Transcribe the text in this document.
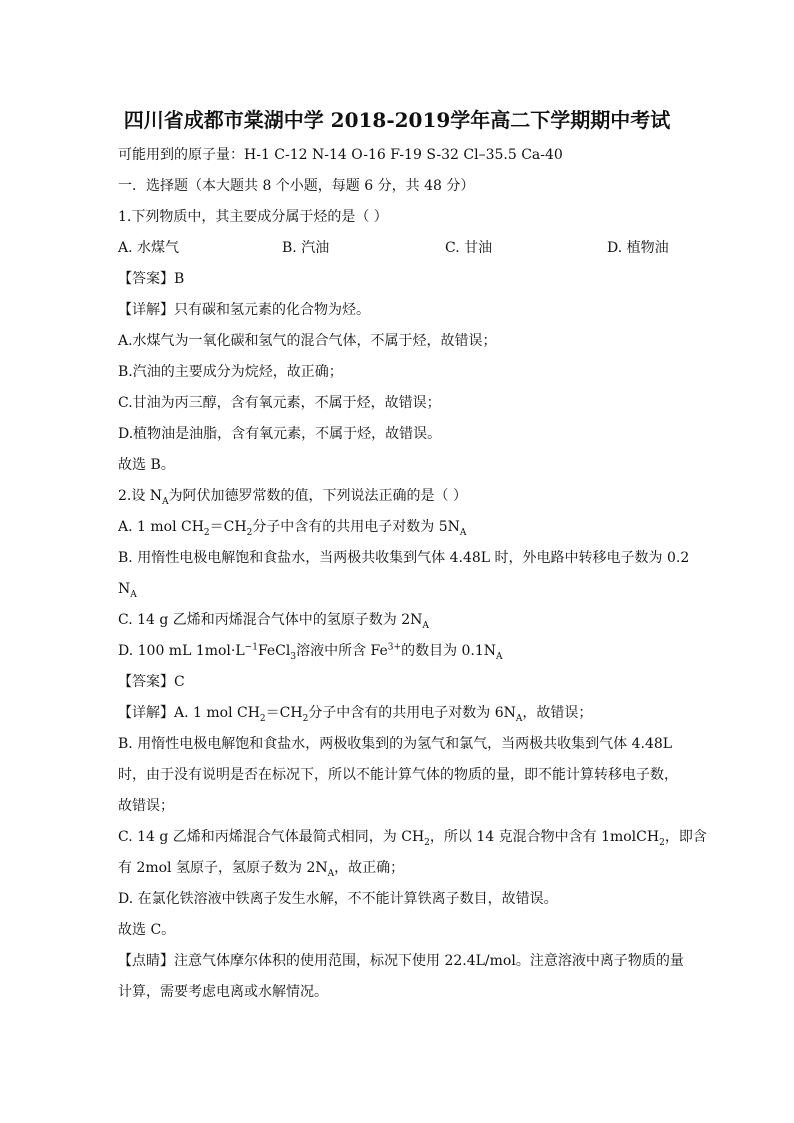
四川省成都市棠湖中学 2018-2019学年高二下学期期中考试
可能用到的原子量：H-1 C-12 N-14 O-16 F-19 S-32 Cl–35.5 Ca-40
一．选择题（本大题共 8 个小题，每题 6 分，共 48 分）
1.下列物质中，其主要成分属于烃的是（ ）
A. 水煤气	B. 汽油	C. 甘油	D. 植物油
【答案】B
【详解】只有碳和氢元素的化合物为烃。
A.水煤气为一氧化碳和氢气的混合气体，不属于烃，故错误；
B.汽油的主要成分为烷烃，故正确；
C.甘油为丙三醇，含有氧元素，不属于烃，故错误；
D.植物油是油脂，含有氧元素，不属于烃，故错误。
故选 B。
2.设 $N_A$为阿伏加德罗常数的值，下列说法正确的是（ ）
A. 1 mol $CH_2=CH_2$分子中含有的共用电子对数为 $5N_A$
B. 用惰性电极电解饱和食盐水，当两极共收集到气体 4.48L 时，外电路中转移电子数为 0.2
$N_A$
C. 14 g 乙烯和丙烯混合气体中的氢原子数为 $2N_A$
D. 100 mL $1mol\cdot L^{-1}FeCl_3$溶液中所含 $Fe^{3+}$的数目为 $0.1N_A$
【答案】C
【详解】A. 1 mol $CH_2=CH_2$分子中含有的共用电子对数为 $6N_A$，故错误；
B. 用惰性电极电解饱和食盐水，两极收集到的为氢气和氯气，当两极共收集到气体 4.48L
时，由于没有说明是否在标况下，所以不能计算气体的物质的量，即不能计算转移电子数，
故错误；
C. 14 g 乙烯和丙烯混合气体最简式相同，为 $CH_2$，所以 14 克混合物中含有 1molCH$_2$，即含
有 2mol 氢原子，氢原子数为 $2N_A$，故正确；
D. 在氯化铁溶液中铁离子发生水解，不不能计算铁离子数目，故错误。
故选 C。
【点睛】注意气体摩尔体积的使用范围，标况下使用 22.4L/mol。注意溶液中离子物质的量
计算，需要考虑电离或水解情况。
